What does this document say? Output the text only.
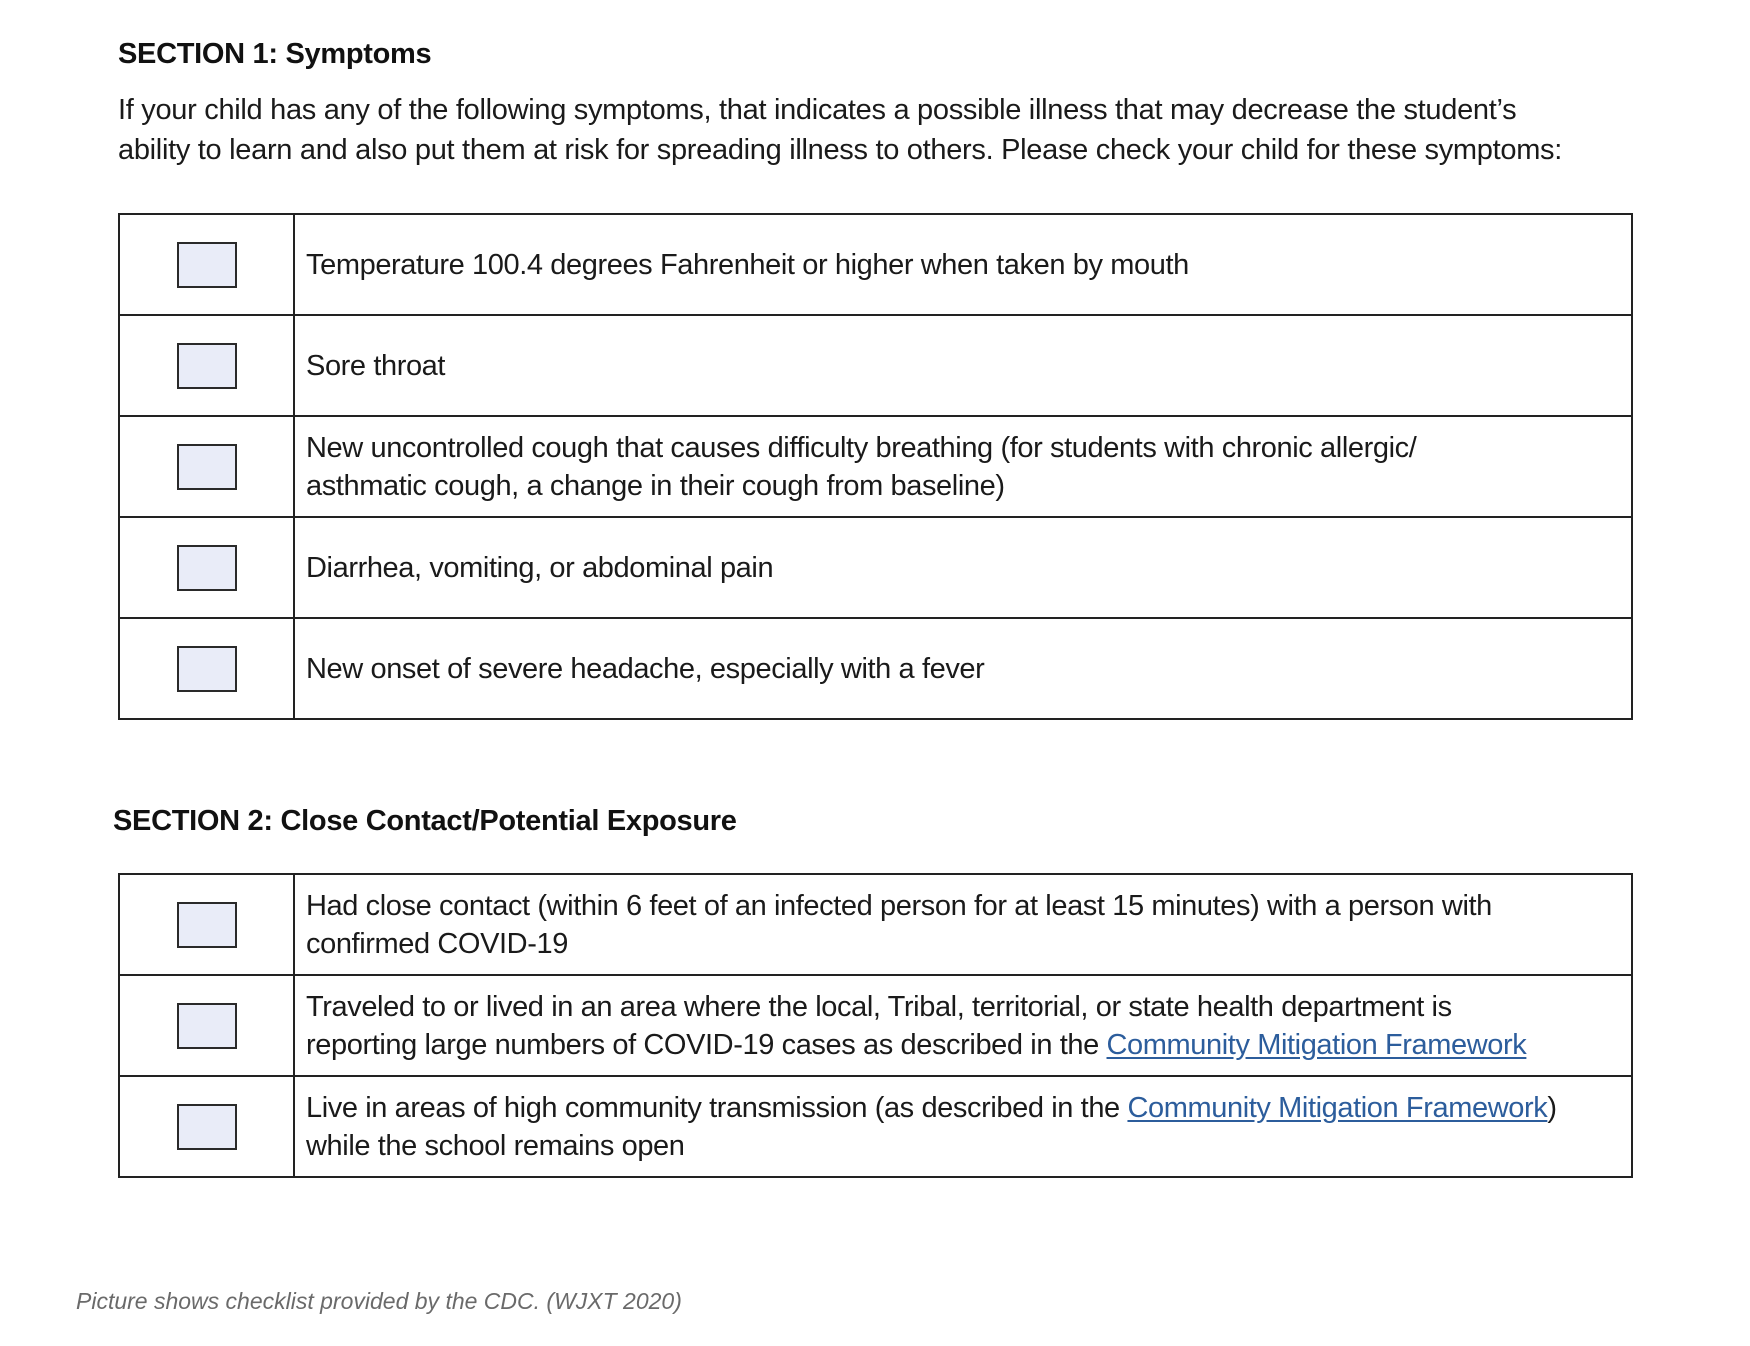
SECTION 1: Symptoms

If your child has any of the following symptoms, that indicates a possible illness that may decrease the student’s
ability to learn and also put them at risk for spreading illness to others. Please check your child for these symptoms:

	Temperature 100.4 degrees Fahrenheit or higher when taken by mouth
	Sore throat
	New uncontrolled cough that causes difficulty breathing (for students with chronic allergic/
asthmatic cough, a change in their cough from baseline)
	Diarrhea, vomiting, or abdominal pain
	New onset of severe headache, especially with a fever
SECTION 2: Close Contact/Potential Exposure
	Had close contact (within 6 feet of an infected person for at least 15 minutes) with a person with
confirmed COVID-19
	Traveled to or lived in an area where the local, Tribal, territorial, or state health department is
reporting large numbers of COVID-19 cases as described in the Community Mitigation Framework
	Live in areas of high community transmission (as described in the Community Mitigation Framework)
while the school remains open

Picture shows checklist provided by the CDC. (WJXT 2020)
